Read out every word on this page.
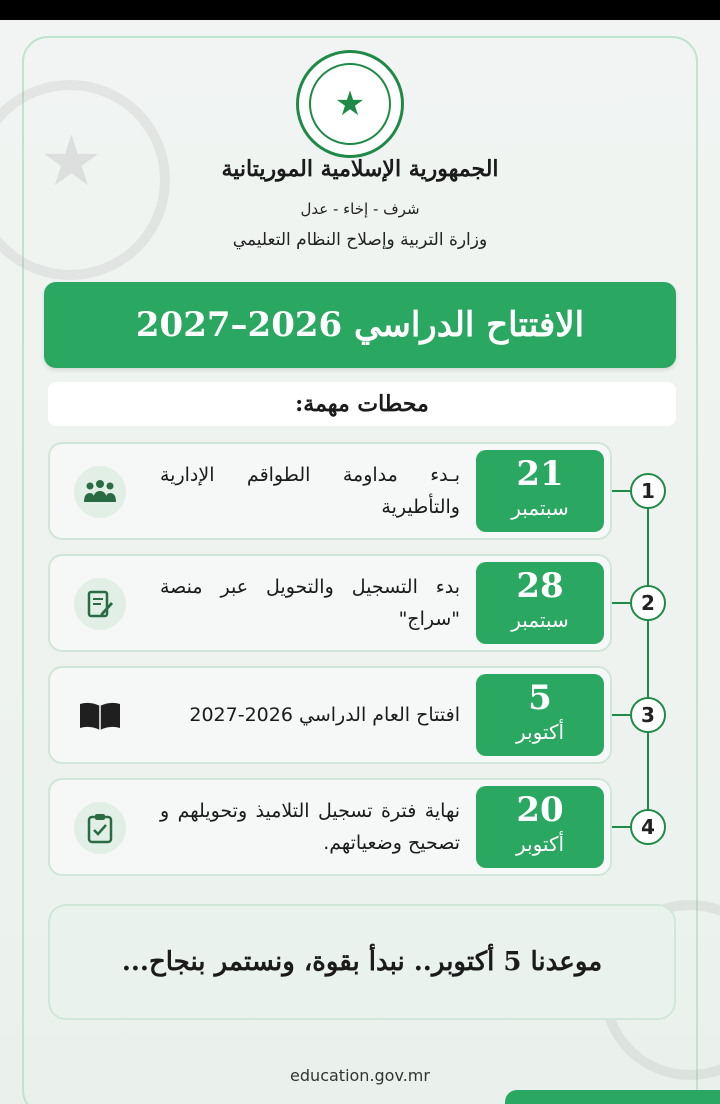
★
★
الجمهورية الإسلامية الموريتانية
شرف - إخاء - عدل
وزارة التربية وإصلاح النظام التعليمي
الافتتاح الدراسي 2026–2027
محطات مهمة:
21
سبتمبر
بـدء مداومة الطواقم الإدارية والتأطيرية
1
28
سبتمبر
بدء التسجيل والتحويل عبر منصة "سراج"
2
5
أكتوبر
افتتاح العام الدراسي 2026-2027	3
20
أكتوبر
نهاية فترة تسجيل التلاميذ وتحويلهم و تصحيح وضعياتهم.
4
موعدنا 5 أكتوبر.. نبدأ بقوة، ونستمر بنجاح...
education.gov.mr
